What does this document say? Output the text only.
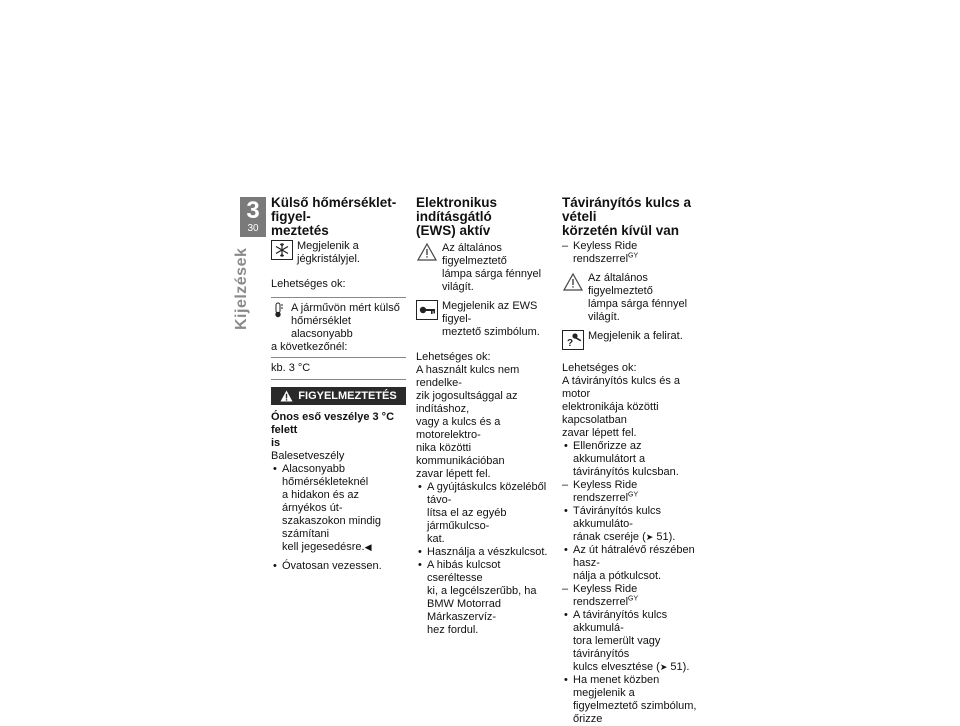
3
30
Kijelzések
Külső hőmérséklet-figyel-
meztetés
Megjelenik a jégkristályjel.

Lehetséges ok:

A járművön mért külső
hőmérséklet alacsonyabb
a következőnél:
kb. 3 °C
FIGYELMEZTETÉS

Ónos eső veszélye 3 °C felett
is

Balesetveszély

• Alacsonyabb hőmérsékleteknél
a hidakon és az árnyékos út-
szakaszokon mindig számítani
kell jegesedésre.◀
• Óvatosan vezessen.
Elektronikus indításgátló
(EWS) aktív
Az általános figyelmeztető
lámpa sárga fénnyel világít.
Megjelenik az EWS figyel-
meztető szimbólum.

Lehetséges ok:

A használt kulcs nem rendelke-
zik jogosultsággal az indításhoz,
vagy a kulcs és a motorelektro-
nika közötti kommunikációban
zavar lépett fel.

• A gyújtáskulcs közeléből távo-
lítsa el az egyéb járműkulcso-
kat.
• Használja a vészkulcsot.
• A hibás kulcsot cseréltesse
ki, a legcélszerűbb, ha
BMW Motorrad Márkaszervíz-
hez fordul.
Távirányítós kulcs a vételi
körzetén kívül van
– Keyless Ride rendszerrel$^{GY}$
Az általános figyelmeztető
lámpa sárga fénnyel világít.
?
Megjelenik a felirat.

Lehetséges ok:

A távirányítós kulcs és a motor
elektronikája közötti kapcsolatban
zavar lépett fel.

• Ellenőrizze az akkumulátort a
távirányítós kulcsban.
– Keyless Ride rendszerrel$^{GY}$
• Távirányítós kulcs akkumuláto-
rának cseréje (➤ 51).
• Az út hátralévő részében hasz-
nálja a pótkulcsot.
– Keyless Ride rendszerrel$^{GY}$
• A távirányítós kulcs akkumulá-
tora lemerült vagy távirányítós
kulcs elvesztése (➤ 51).
• Ha menet közben megjelenik a
figyelmeztető szimbólum, őrizze
